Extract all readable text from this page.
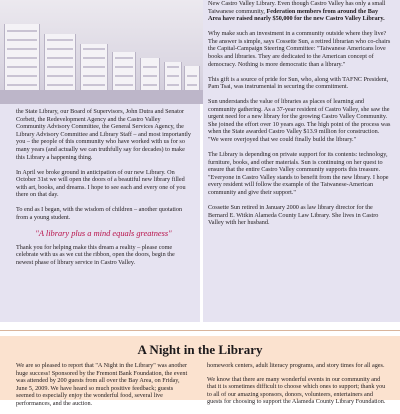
New Castro Valley Library. Even though Castro Valley has only a small Taiwanese community, Federation members from around the Bay Area have raised nearly $50,000 for the new Castro Valley Library.

Why make such an investment in a community outside where they live? The answer is simple, says Cossette Sun, a retired librarian who co-chairs the Capital-Campaign Steering Committee: "Taiwanese Americans love books and libraries. They are dedicated to the American concept of democracy. Nothing is more democratic than a library."

This gift is a source of pride for Sun, who, along with TAFNC President, Pam Tsai, was instrumental in securing the commitment.

Sun understands the value of libraries as places of learning and community gathering. As a 37-year resident of Castro Valley, she saw the urgent need for a new library for the growing Castro Valley Community. She joined the effort over 10 years ago. The high point of the process was when the State awarded Castro Valley $13.9 million for construction. "We were overjoyed that we could finally build the library."

The Library is depending on private support for its contents: technology, furniture, books, and other materials. Sun is continuing on her quest to ensure that the entire Castro Valley community supports this treasure. "Everyone in Castro Valley stands to benefit from the new library. I hope every resident will follow the example of the Taiwanese-American community and give their support."

Cossette Sun retired in January 2000 as law library director for the Bernard E. Witkin Alameda County Law Library. She lives in Castro Valley with her husband.

the State Library, our Board of Supervisors, John Dutra and Senator Corbett, the Redevelopment Agency and the Castro Valley Community Advisory Committee, the General Services Agency, the Library Advisory Committee and Library Staff – and most importantly you – the people of this community who have worked with us for so many years (and actually we can truthfully say for decades) to make this Library a happening thing.

In April we broke ground in anticipation of our new Library. On October 31st we will open the doors of a beautiful new library filled with art, books, and dreams. I hope to see each and every one of you there on that day.

To end as I began, with the wisdom of children – another quotation from a young student.

"A library plus a mind equals greatness"

Thank you for helping make this dream a reality – please come celebrate with us as we cut the ribbon, open the doors, begin the newest phase of library service in Castro Valley.

A Night in the Library

We are so pleased to report that "A Night in the Library" was another huge success! Sponsored by the Fremont Bank Foundation, the event was attended by 200 guests from all over the Bay Area, on Friday, June 5, 2009. We have heard so much positive feedback; guests seemed to especially enjoy the wonderful food, several live performances, and the auction.

homework centers, adult literacy programs, and story times for all ages.

We know that there are many wonderful events in our community and that it is sometimes difficult to choose which ones to support; thank you to all of our amazing sponsors, donors, volunteers, entertainers and guests for choosing to support the Alameda County Library Foundation.
